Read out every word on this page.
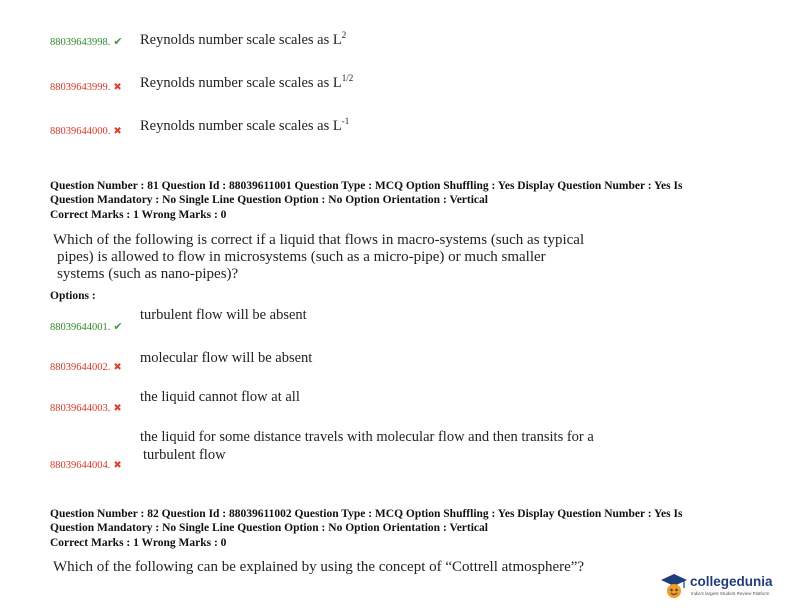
88039643998. ✔ Reynolds number scale scales as $L^2$
88039643999. ✖ Reynolds number scale scales as $L^{1/2}$
88039644000. ✖ Reynolds number scale scales as $L^{-1}$
Question Number : 81 Question Id : 88039611001 Question Type : MCQ Option Shuffling : Yes Display Question Number : Yes Is
Question Mandatory : No Single Line Question Option : No Option Orientation : Vertical
Correct Marks : 1 Wrong Marks : 0
Which of the following is correct if a liquid that flows in macro-systems (such as typical
pipes) is allowed to flow in microsystems (such as a micro-pipe) or much smaller
systems (such as nano-pipes)?
Options :
88039644001. ✔
turbulent flow will be absent
88039644002. ✖
molecular flow will be absent
88039644003. ✖
the liquid cannot flow at all
the liquid for some distance travels with molecular flow and then transits for a
88039644004. ✖
turbulent flow
Question Number : 82 Question Id : 88039611002 Question Type : MCQ Option Shuffling : Yes Display Question Number : Yes Is
Question Mandatory : No Single Line Question Option : No Option Orientation : Vertical
Correct Marks : 1 Wrong Marks : 0
Which of the following can be explained by using the concept of “Cottrell atmosphere”?
collegedunia
India's largest Student Review Platform
